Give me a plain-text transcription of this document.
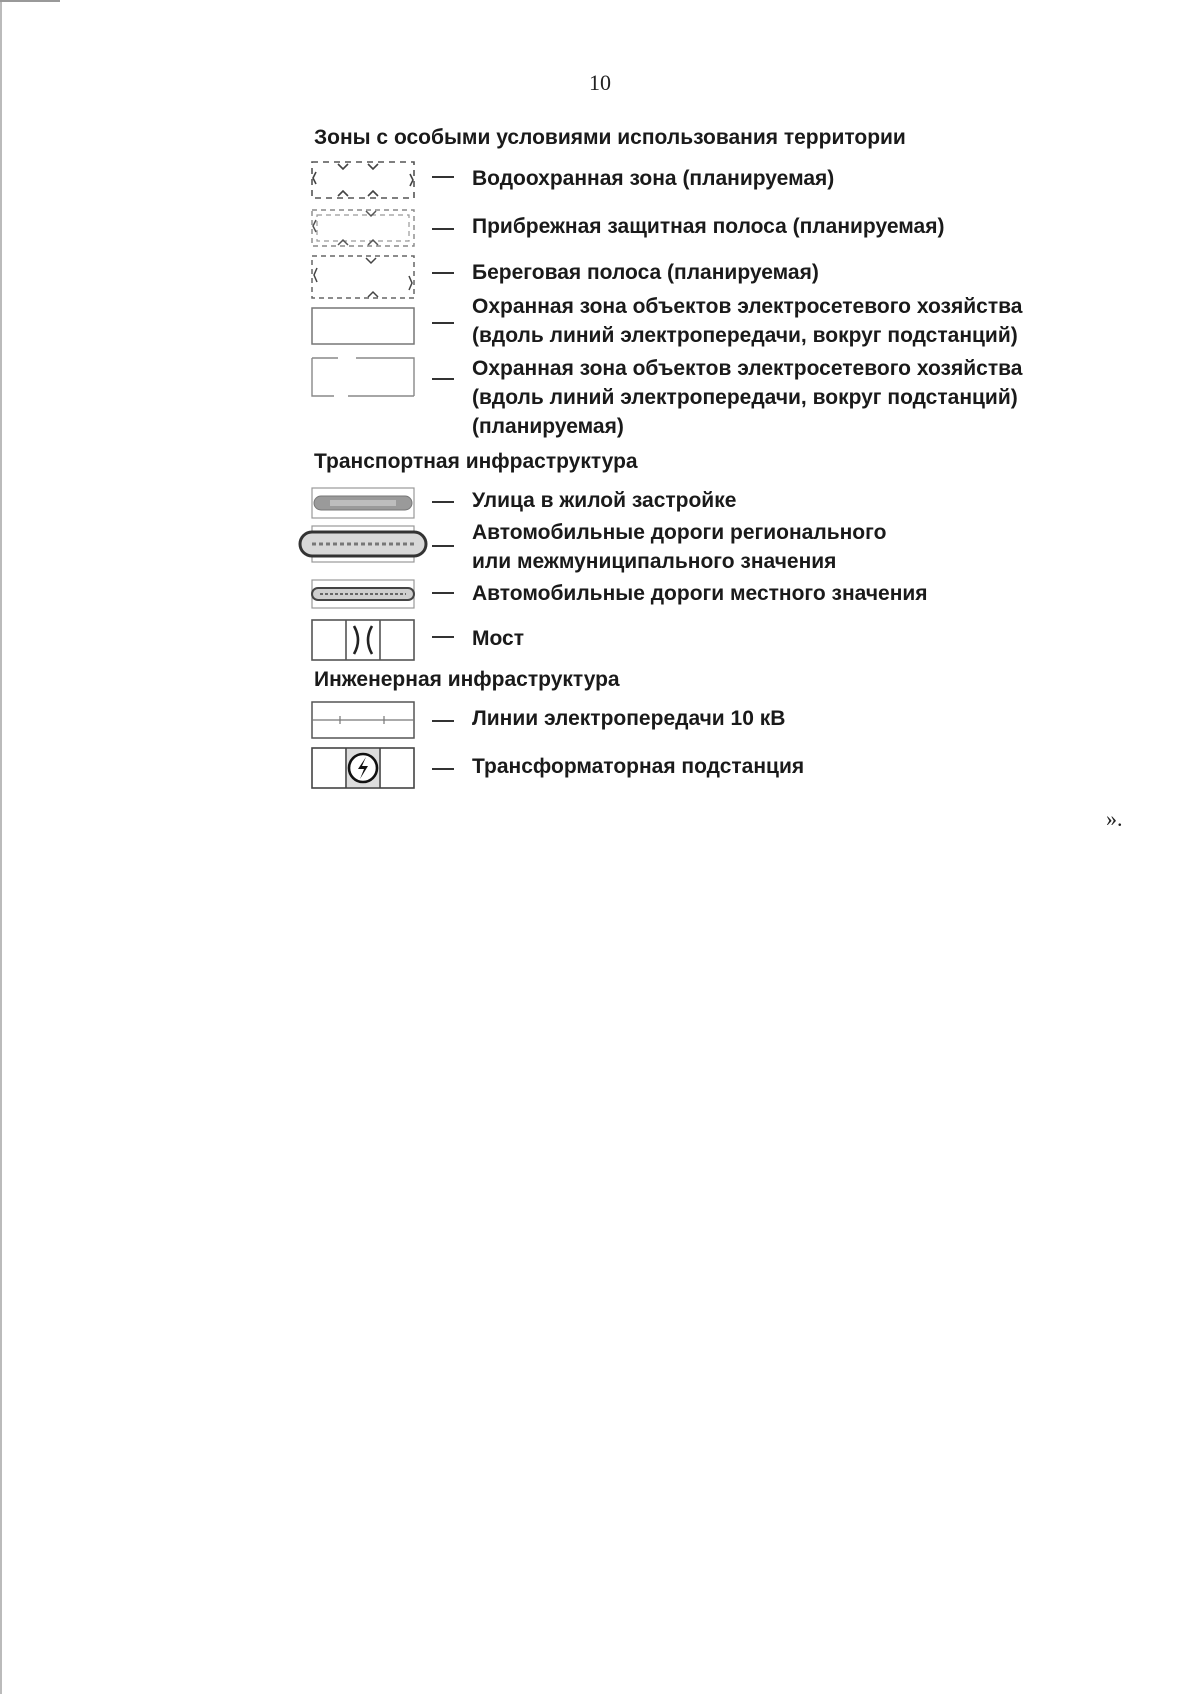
10
Зоны с особыми условиями использования территории
Водоохранная зона (планируемая)
Прибрежная защитная полоса (планируемая)
Береговая полоса (планируемая)
Охранная зона объектов электросетевого хозяйства
(вдоль линий электропередачи, вокруг подстанций)
Охранная зона объектов электросетевого хозяйства
(вдоль линий электропередачи, вокруг подстанций)
(планируемая)
Транспортная инфраструктура
Улица в жилой застройке
Автомобильные дороги регионального
или межмуниципального значения
Автомобильные дороги местного значения
Мост
Инженерная инфраструктура
Линии электропередачи 10 кВ
Трансформаторная подстанция
».
